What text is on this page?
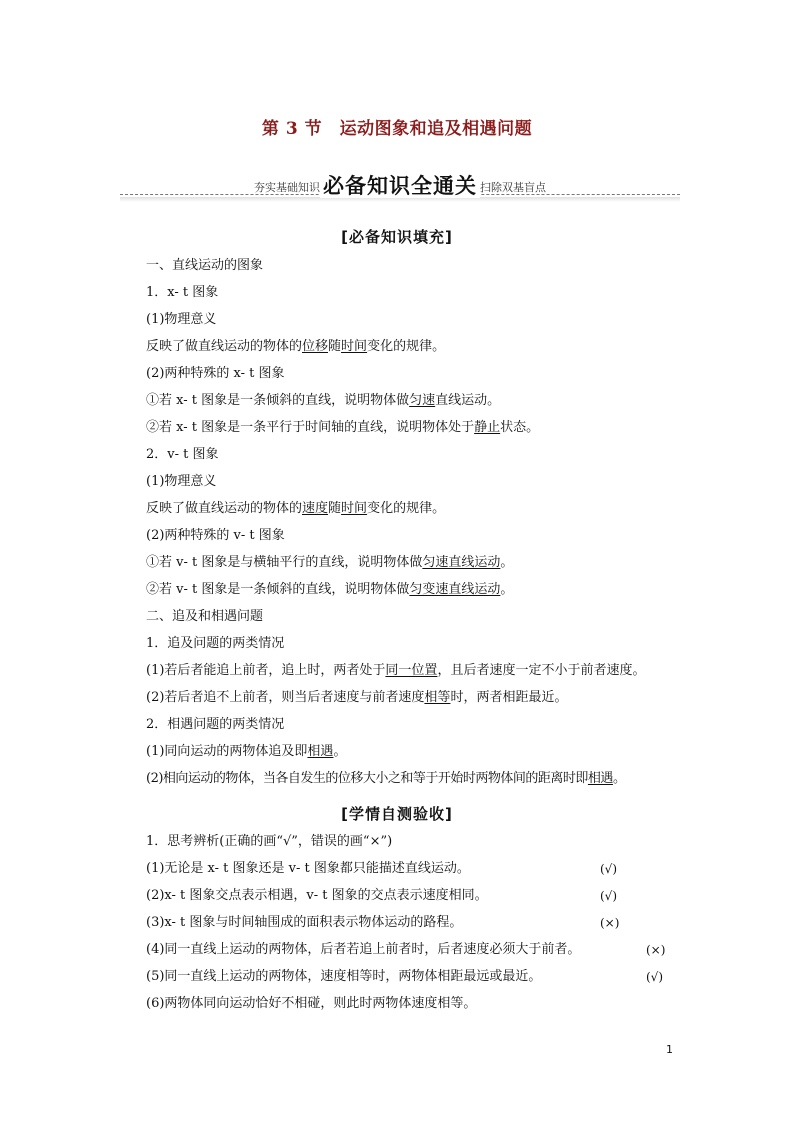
第 3 节　运动图象和追及相遇问题
夯实基础知识 必备知识全通关 扫除双基盲点
[必备知识填充]
一、直线运动的图象
1．x- t 图象
(1)物理意义
反映了做直线运动的物体的位移随时间变化的规律。
(2)两种特殊的 x- t 图象
①若 x- t 图象是一条倾斜的直线，说明物体做匀速直线运动。
②若 x- t 图象是一条平行于时间轴的直线，说明物体处于静止状态。
2．v- t 图象
(1)物理意义
反映了做直线运动的物体的速度随时间变化的规律。
(2)两种特殊的 v- t 图象
①若 v- t 图象是与横轴平行的直线，说明物体做匀速直线运动。
②若 v- t 图象是一条倾斜的直线，说明物体做匀变速直线运动。
二、追及和相遇问题
1．追及问题的两类情况
(1)若后者能追上前者，追上时，两者处于同一位置，且后者速度一定不小于前者速度。
(2)若后者追不上前者，则当后者速度与前者速度相等时，两者相距最近。
2．相遇问题的两类情况
(1)同向运动的两物体追及即相遇。
(2)相向运动的物体，当各自发生的位移大小之和等于开始时两物体间的距离时即相遇。
[学情自测验收]
1．思考辨析(正确的画“√”，错误的画“×”)
(1)无论是 x- t 图象还是 v- t 图象都只能描述直线运动。	(√)
(2)x- t 图象交点表示相遇，v- t 图象的交点表示速度相同。	(√)
(3)x- t 图象与时间轴围成的面积表示物体运动的路程。	(×)
(4)同一直线上运动的两物体，后者若追上前者时，后者速度必须大于前者。	(×)
(5)同一直线上运动的两物体，速度相等时，两物体相距最远或最近。	(√)
(6)两物体同向运动恰好不相碰，则此时两物体速度相等。
1
